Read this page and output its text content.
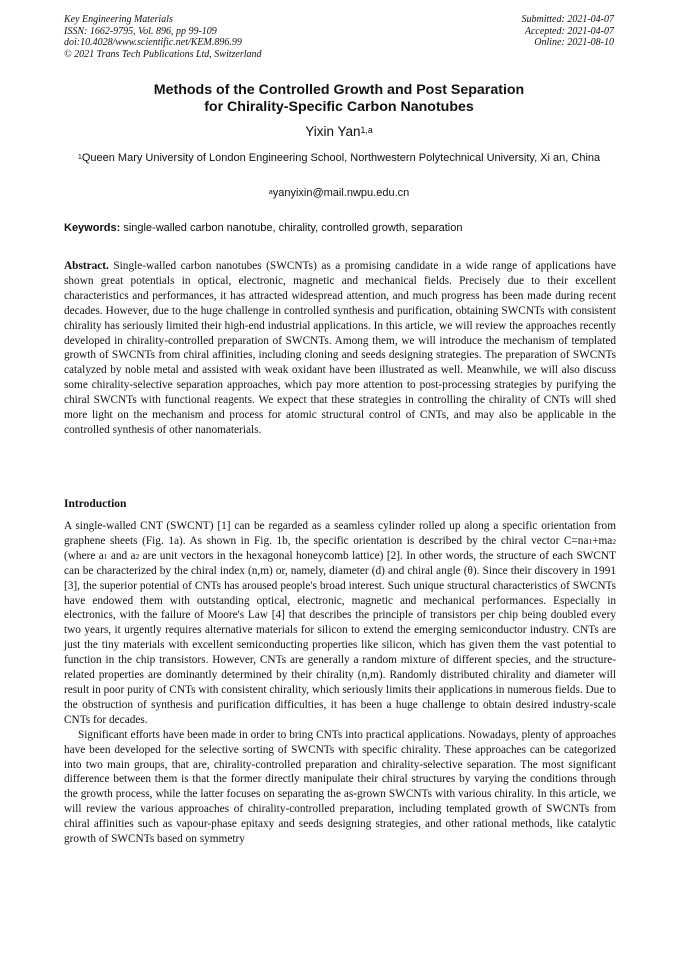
Key Engineering Materials
ISSN: 1662-9795, Vol. 896, pp 99-109
doi:10.4028/www.scientific.net/KEM.896.99
© 2021 Trans Tech Publications Ltd, Switzerland
Submitted: 2021-04-07
Accepted: 2021-04-07
Online: 2021-08-10
Methods of the Controlled Growth and Post Separation
for Chirality-Specific Carbon Nanotubes
Yixin Yan$^{1,a}$
$^1$Queen Mary University of London Engineering School, Northwestern Polytechnical University, Xi an, China
$^a$yanyixin@mail.nwpu.edu.cn
Keywords: single-walled carbon nanotube, chirality, controlled growth, separation
Abstract. Single-walled carbon nanotubes (SWCNTs) as a promising candidate in a wide range of applications have shown great potentials in optical, electronic, magnetic and mechanical fields. Precisely due to their excellent characteristics and performances, it has attracted widespread attention, and much progress has been made during recent decades. However, due to the huge challenge in controlled synthesis and purification, obtaining SWCNTs with consistent chirality has seriously limited their high-end industrial applications. In this article, we will review the approaches recently developed in chirality-controlled preparation of SWCNTs. Among them, we will introduce the mechanism of templated growth of SWCNTs from chiral affinities, including cloning and seeds designing strategies. The preparation of SWCNTs catalyzed by noble metal and assisted with weak oxidant have been illustrated as well. Meanwhile, we will also discuss some chirality-selective separation approaches, which pay more attention to post-processing strategies by purifying the chiral SWCNTs with functional reagents. We expect that these strategies in controlling the chirality of CNTs will shed more light on the mechanism and process for atomic structural control of CNTs, and may also be applicable in the controlled synthesis of other nanomaterials.
Introduction

A single-walled CNT (SWCNT) [1] can be regarded as a seamless cylinder rolled up along a specific orientation from graphene sheets (Fig. 1a). As shown in Fig. 1b, the specific orientation is described by the chiral vector $C=na_1+ma_2$ (where $a_1$ and $a_2$ are unit vectors in the hexagonal honeycomb lattice) [2]. In other words, the structure of each SWCNT can be characterized by the chiral index (n,m) or, namely, diameter (d) and chiral angle (θ). Since their discovery in 1991 [3], the superior potential of CNTs has aroused people's broad interest. Such unique structural characteristics of SWCNTs have endowed them with outstanding optical, electronic, magnetic and mechanical performances. Especially in electronics, with the failure of Moore's Law [4] that describes the principle of transistors per chip being doubled every two years, it urgently requires alternative materials for silicon to extend the emerging semiconductor industry. CNTs are just the tiny materials with excellent semiconducting properties like silicon, which has given them the vast potential to function in the chip transistors. However, CNTs are generally a random mixture of different species, and the structure-related properties are dominantly determined by their chirality (n,m). Randomly distributed chirality and diameter will result in poor purity of CNTs with consistent chirality, which seriously limits their applications in numerous fields. Due to the obstruction of synthesis and purification difficulties, it has been a huge challenge to obtain desired industry-scale CNTs for decades.

Significant efforts have been made in order to bring CNTs into practical applications. Nowadays, plenty of approaches have been developed for the selective sorting of SWCNTs with specific chirality. These approaches can be categorized into two main groups, that are, chirality-controlled preparation and chirality-selective separation. The most significant difference between them is that the former directly manipulate their chiral structures by varying the conditions through the growth process, while the latter focuses on separating the as-grown SWCNTs with various chirality. In this article, we will review the various approaches of chirality-controlled preparation, including templated growth of SWCNTs from chiral affinities such as vapour-phase epitaxy and seeds designing strategies, and other rational methods, like catalytic growth of SWCNTs based on symmetry
